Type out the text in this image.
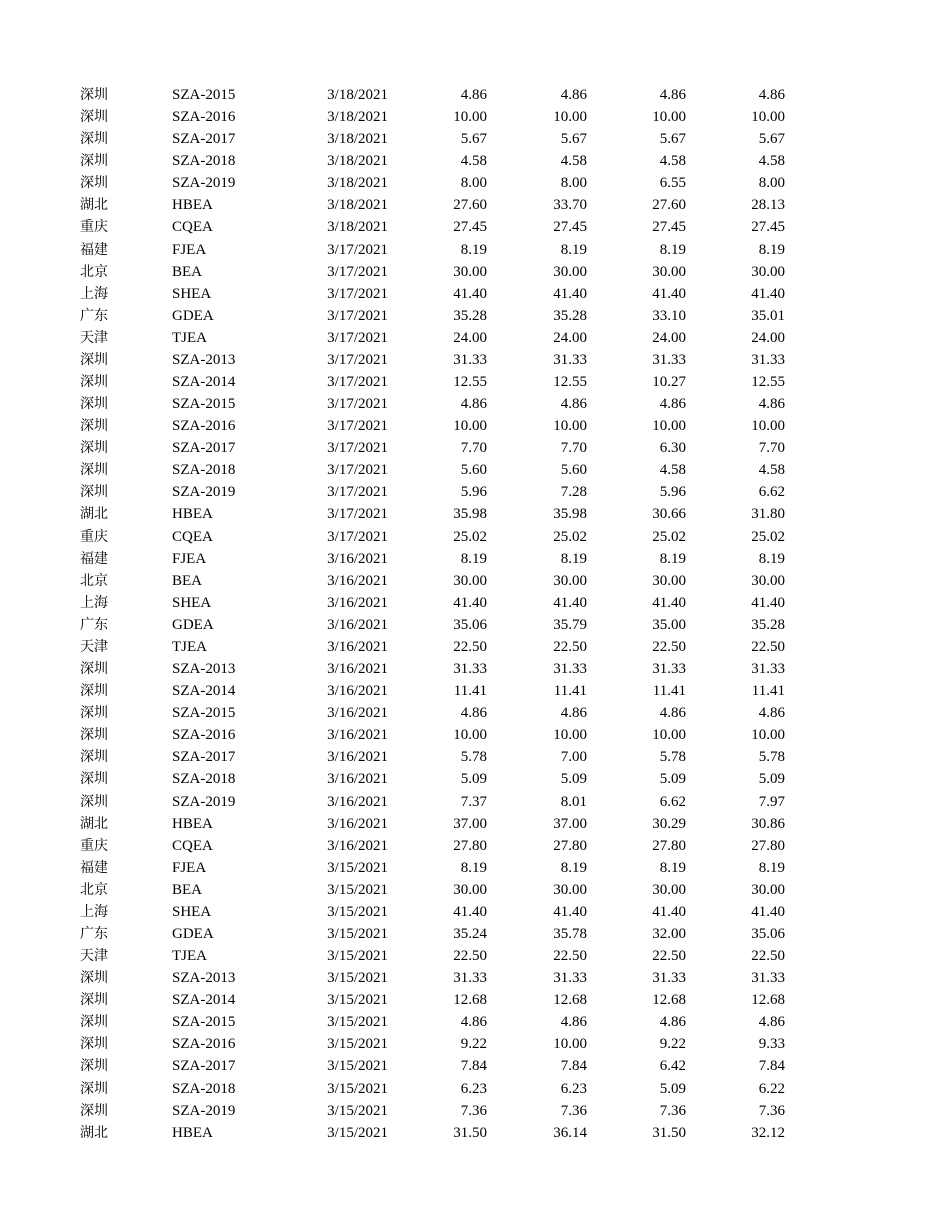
深圳	SZA-2015	3/18/2021	4.86	4.86	4.86	4.86
深圳	SZA-2016	3/18/2021	10.00	10.00	10.00	10.00
深圳	SZA-2017	3/18/2021	5.67	5.67	5.67	5.67
深圳	SZA-2018	3/18/2021	4.58	4.58	4.58	4.58
深圳	SZA-2019	3/18/2021	8.00	8.00	6.55	8.00
湖北	HBEA	3/18/2021	27.60	33.70	27.60	28.13
重庆	CQEA	3/18/2021	27.45	27.45	27.45	27.45
福建	FJEA	3/17/2021	8.19	8.19	8.19	8.19
北京	BEA	3/17/2021	30.00	30.00	30.00	30.00
上海	SHEA	3/17/2021	41.40	41.40	41.40	41.40
广东	GDEA	3/17/2021	35.28	35.28	33.10	35.01
天津	TJEA	3/17/2021	24.00	24.00	24.00	24.00
深圳	SZA-2013	3/17/2021	31.33	31.33	31.33	31.33
深圳	SZA-2014	3/17/2021	12.55	12.55	10.27	12.55
深圳	SZA-2015	3/17/2021	4.86	4.86	4.86	4.86
深圳	SZA-2016	3/17/2021	10.00	10.00	10.00	10.00
深圳	SZA-2017	3/17/2021	7.70	7.70	6.30	7.70
深圳	SZA-2018	3/17/2021	5.60	5.60	4.58	4.58
深圳	SZA-2019	3/17/2021	5.96	7.28	5.96	6.62
湖北	HBEA	3/17/2021	35.98	35.98	30.66	31.80
重庆	CQEA	3/17/2021	25.02	25.02	25.02	25.02
福建	FJEA	3/16/2021	8.19	8.19	8.19	8.19
北京	BEA	3/16/2021	30.00	30.00	30.00	30.00
上海	SHEA	3/16/2021	41.40	41.40	41.40	41.40
广东	GDEA	3/16/2021	35.06	35.79	35.00	35.28
天津	TJEA	3/16/2021	22.50	22.50	22.50	22.50
深圳	SZA-2013	3/16/2021	31.33	31.33	31.33	31.33
深圳	SZA-2014	3/16/2021	11.41	11.41	11.41	11.41
深圳	SZA-2015	3/16/2021	4.86	4.86	4.86	4.86
深圳	SZA-2016	3/16/2021	10.00	10.00	10.00	10.00
深圳	SZA-2017	3/16/2021	5.78	7.00	5.78	5.78
深圳	SZA-2018	3/16/2021	5.09	5.09	5.09	5.09
深圳	SZA-2019	3/16/2021	7.37	8.01	6.62	7.97
湖北	HBEA	3/16/2021	37.00	37.00	30.29	30.86
重庆	CQEA	3/16/2021	27.80	27.80	27.80	27.80
福建	FJEA	3/15/2021	8.19	8.19	8.19	8.19
北京	BEA	3/15/2021	30.00	30.00	30.00	30.00
上海	SHEA	3/15/2021	41.40	41.40	41.40	41.40
广东	GDEA	3/15/2021	35.24	35.78	32.00	35.06
天津	TJEA	3/15/2021	22.50	22.50	22.50	22.50
深圳	SZA-2013	3/15/2021	31.33	31.33	31.33	31.33
深圳	SZA-2014	3/15/2021	12.68	12.68	12.68	12.68
深圳	SZA-2015	3/15/2021	4.86	4.86	4.86	4.86
深圳	SZA-2016	3/15/2021	9.22	10.00	9.22	9.33
深圳	SZA-2017	3/15/2021	7.84	7.84	6.42	7.84
深圳	SZA-2018	3/15/2021	6.23	6.23	5.09	6.22
深圳	SZA-2019	3/15/2021	7.36	7.36	7.36	7.36
湖北	HBEA	3/15/2021	31.50	36.14	31.50	32.12
